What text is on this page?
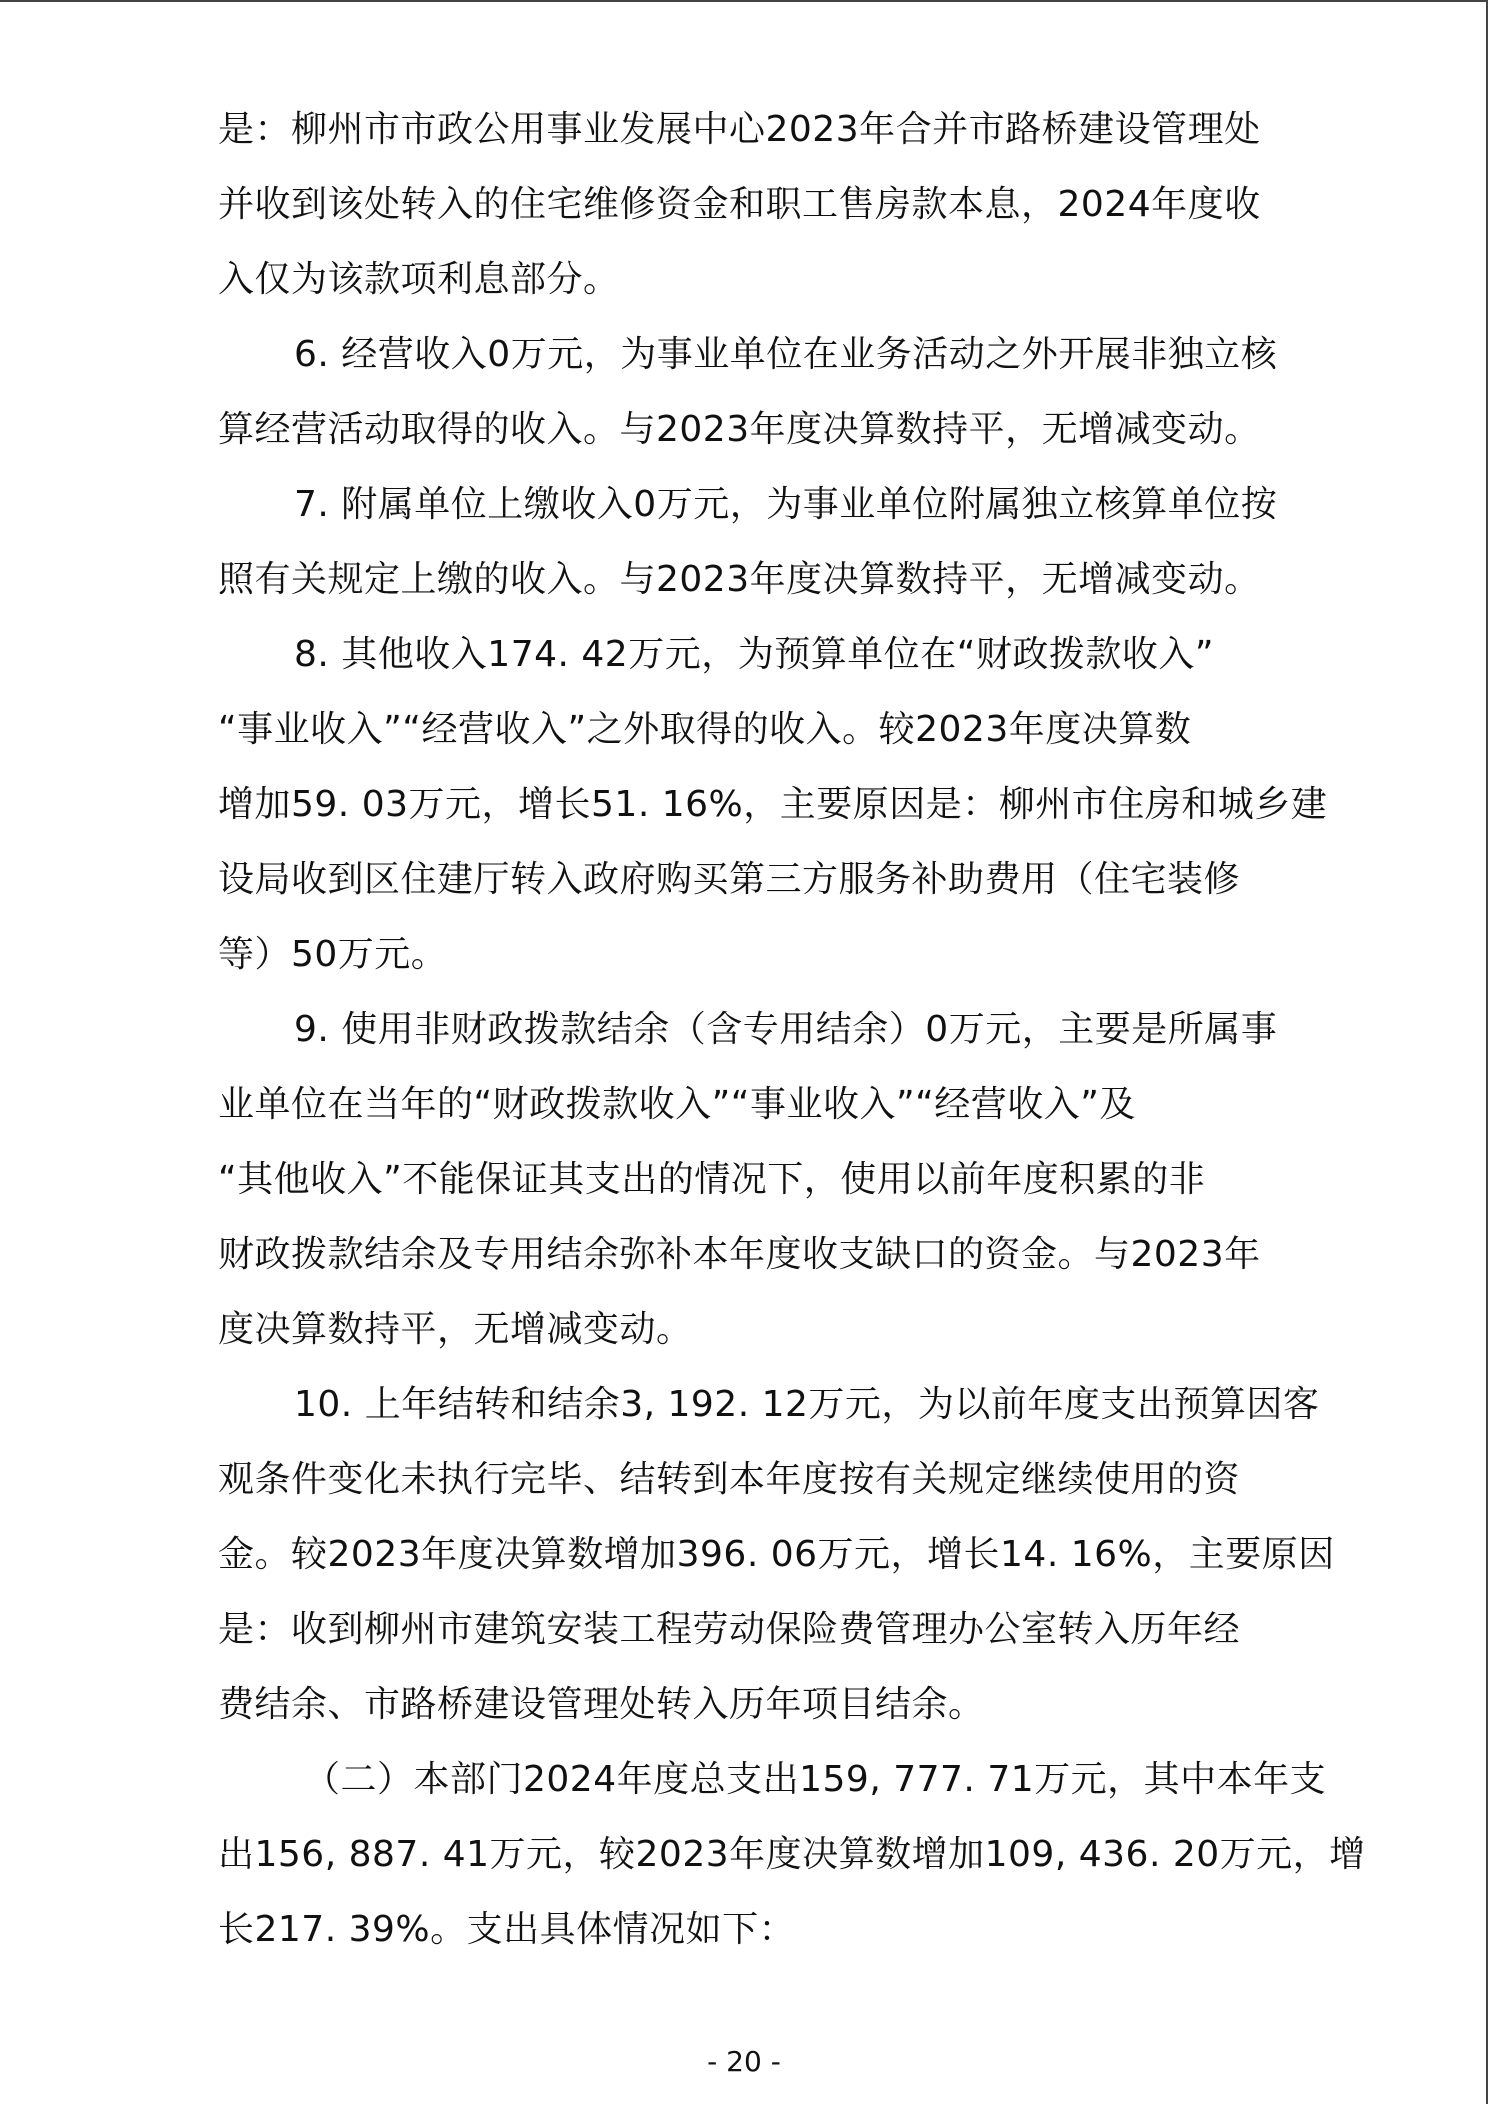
是：柳州市市政公用事业发展中心2023年合并市路桥建设管理处
并收到该处转入的住宅维修资金和职工售房款本息，2024年度收
入仅为该款项利息部分。

6. 经营收入0万元，为事业单位在业务活动之外开展非独立核
算经营活动取得的收入。与2023年度决算数持平，无增减变动。

7. 附属单位上缴收入0万元，为事业单位附属独立核算单位按
照有关规定上缴的收入。与2023年度决算数持平，无增减变动。

8. 其他收入174. 42万元，为预算单位在“财政拨款收入”
“事业收入”“经营收入”之外取得的收入。较2023年度决算数
增加59. 03万元，增长51. 16%，主要原因是：柳州市住房和城乡建
设局收到区住建厅转入政府购买第三方服务补助费用（住宅装修
等）50万元。

9. 使用非财政拨款结余（含专用结余）0万元，主要是所属事
业单位在当年的“财政拨款收入”“事业收入”“经营收入”及
“其他收入”不能保证其支出的情况下，使用以前年度积累的非
财政拨款结余及专用结余弥补本年度收支缺口的资金。与2023年
度决算数持平，无增减变动。

10. 上年结转和结余3, 192. 12万元，为以前年度支出预算因客
观条件变化未执行完毕、结转到本年度按有关规定继续使用的资
金。较2023年度决算数增加396. 06万元，增长14. 16%，主要原因
是：收到柳州市建筑安装工程劳动保险费管理办公室转入历年经
费结余、市路桥建设管理处转入历年项目结余。

（二）本部门2024年度总支出159, 777. 71万元，其中本年支
出156, 887. 41万元，较2023年度决算数增加109, 436. 20万元，增
长217. 39%。支出具体情况如下：

- 20 -
